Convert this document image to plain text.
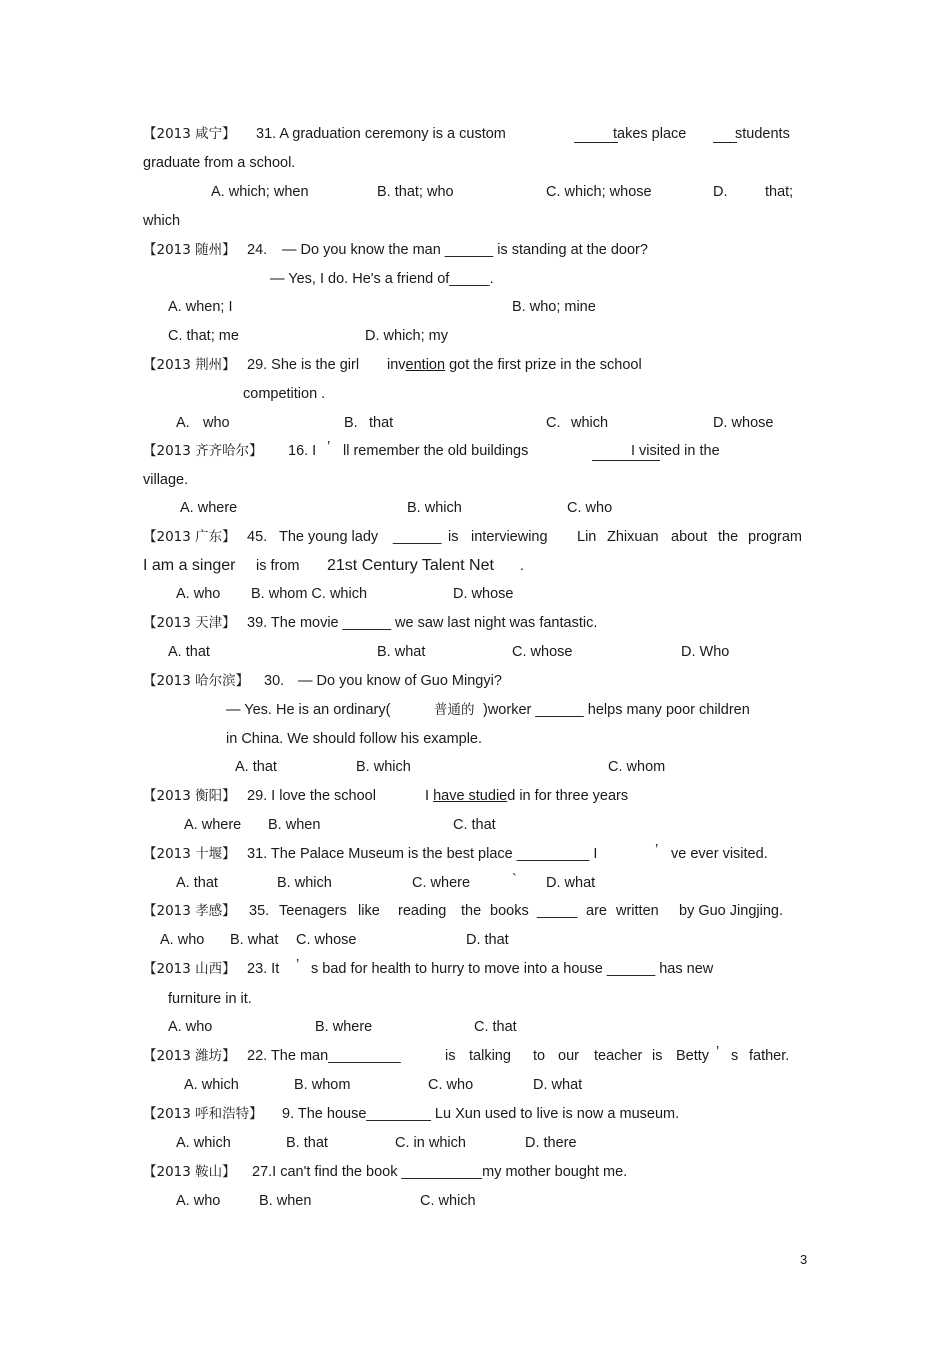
【2013 咸宁】 31. A graduation ceremony is a custom	takes place	students
graduate from a school.
A. which; when	B. that; who	C. which; whose	D.	that;
which
【2013 随州】 24. — Do you know the man ______ is standing at the door?
— Yes, I do. He's a friend of_____.
A. when; I	B. who; mine
C. that; me	D. which; my
【2013 荆州】 29. She is the girl invention got the first prize in the school
competition .
A. who	B. that	C. which	D. whose
【2013 齐齐哈尔】 16. I ’ ll remember the old buildings	I visited in the
village.
A. where	B. which	C. who
【2013 广东】 45. The young lady ______ is interviewing Lin Zhixuan about the program
I am a singer is from 21st Century Talent Net .
A. who B. whom C. which	D. whose
【2013 天津】 39. The movie ______ we saw last night was fantastic.
A. that	B. what	C. whose	D. Who
【2013 哈尔滨】 30. — Do you know of Guo Mingyi?
— Yes. He is an ordinary(	普通的 )worker ______ helps many poor children
in China. We should follow his example.
A. that	B. which	C. whom
【2013 衡阳】 29. I love the school	I have studied in for three years
A. where B. when	C. that
【2013 十堰】 31. The Palace Museum is the best place _________ I	’ ve ever visited.
A. that	B. which	C. where	` D. what
【2013 孝感】 35. Teenagers like reading the books _____ are written by Guo Jingjing.
A. who B. what C. whose	D. that
【2013 山西】 23. It ’ s bad for health to hurry to move into a house ______ has new
furniture in it.
A. who	B. where	C. that
【2013 潍坊】 22. The man_________	is talking to our teacher is Betty ’ s father.
A. which	B. whom	C. who	D. what
【2013 呼和浩特】 9. The house________ Lu Xun used to live is now a museum.
A. which	B. that	C. in which	D. there
【2013 鞍山】 27.I can't find the book __________my mother bought me.
A. who	B. when	C. which
3
